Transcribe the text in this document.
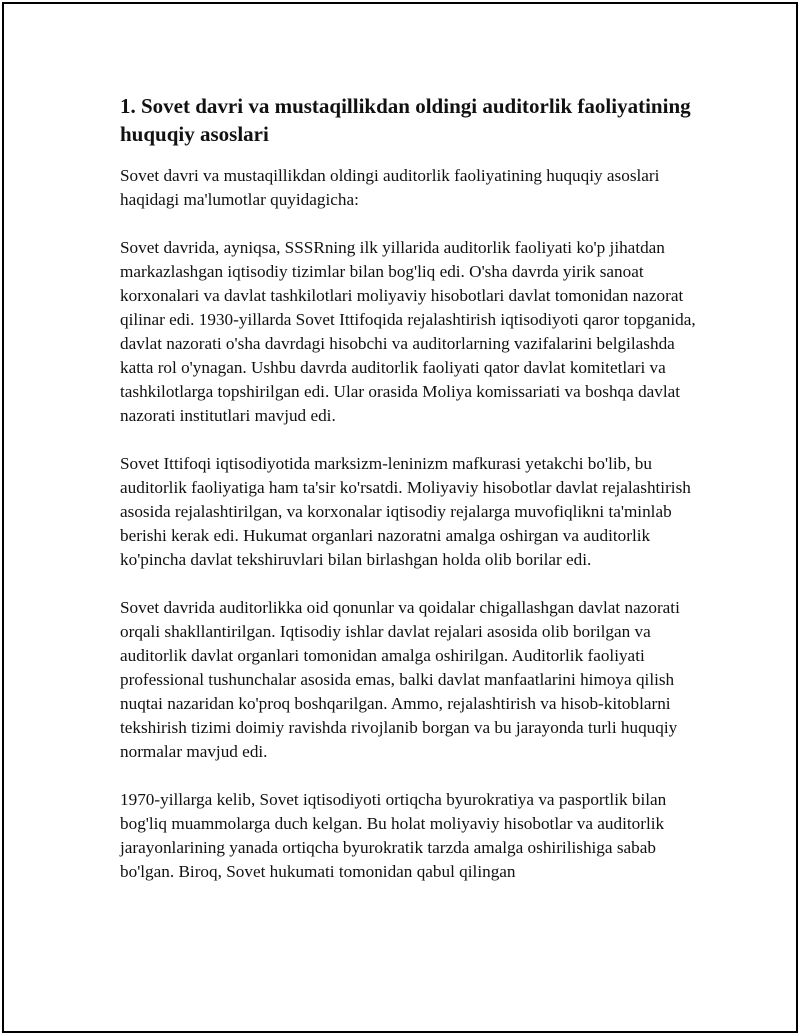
1. Sovet davri va mustaqillikdan oldingi auditorlik faoliyatining huquqiy asoslari

Sovet davri va mustaqillikdan oldingi auditorlik faoliyatining huquqiy asoslari haqidagi ma'lumotlar quyidagicha:

Sovet davrida, ayniqsa, SSSRning ilk yillarida auditorlik faoliyati ko'p jihatdan markazlashgan iqtisodiy tizimlar bilan bog'liq edi. O'sha davrda yirik sanoat korxonalari va davlat tashkilotlari moliyaviy hisobotlari davlat tomonidan nazorat qilinar edi. 1930-yillarda Sovet Ittifoqida rejalashtirish iqtisodiyoti qaror topganida, davlat nazorati o'sha davrdagi hisobchi va auditorlarning vazifalarini belgilashda katta rol o'ynagan. Ushbu davrda auditorlik faoliyati qator davlat komitetlari va tashkilotlarga topshirilgan edi. Ular orasida Moliya komissariati va boshqa davlat nazorati institutlari mavjud edi.

Sovet Ittifoqi iqtisodiyotida marksizm-leninizm mafkurasi yetakchi bo'lib, bu auditorlik faoliyatiga ham ta'sir ko'rsatdi. Moliyaviy hisobotlar davlat rejalashtirish asosida rejalashtirilgan, va korxonalar iqtisodiy rejalarga muvofiqlikni ta'minlab berishi kerak edi. Hukumat organlari nazoratni amalga oshirgan va auditorlik ko'pincha davlat tekshiruvlari bilan birlashgan holda olib borilar edi.

Sovet davrida auditorlikka oid qonunlar va qoidalar chigallashgan davlat nazorati orqali shakllantirilgan. Iqtisodiy ishlar davlat rejalari asosida olib borilgan va auditorlik davlat organlari tomonidan amalga oshirilgan. Auditorlik faoliyati professional tushunchalar asosida emas, balki davlat manfaatlarini himoya qilish nuqtai nazaridan ko'proq boshqarilgan. Ammo, rejalashtirish va hisob-kitoblarni tekshirish tizimi doimiy ravishda rivojlanib borgan va bu jarayonda turli huquqiy normalar mavjud edi.

1970-yillarga kelib, Sovet iqtisodiyoti ortiqcha byurokratiya va pasportlik bilan bog'liq muammolarga duch kelgan. Bu holat moliyaviy hisobotlar va auditorlik jarayonlarining yanada ortiqcha byurokratik tarzda amalga oshirilishiga sabab bo'lgan. Biroq, Sovet hukumati tomonidan qabul qilingan
